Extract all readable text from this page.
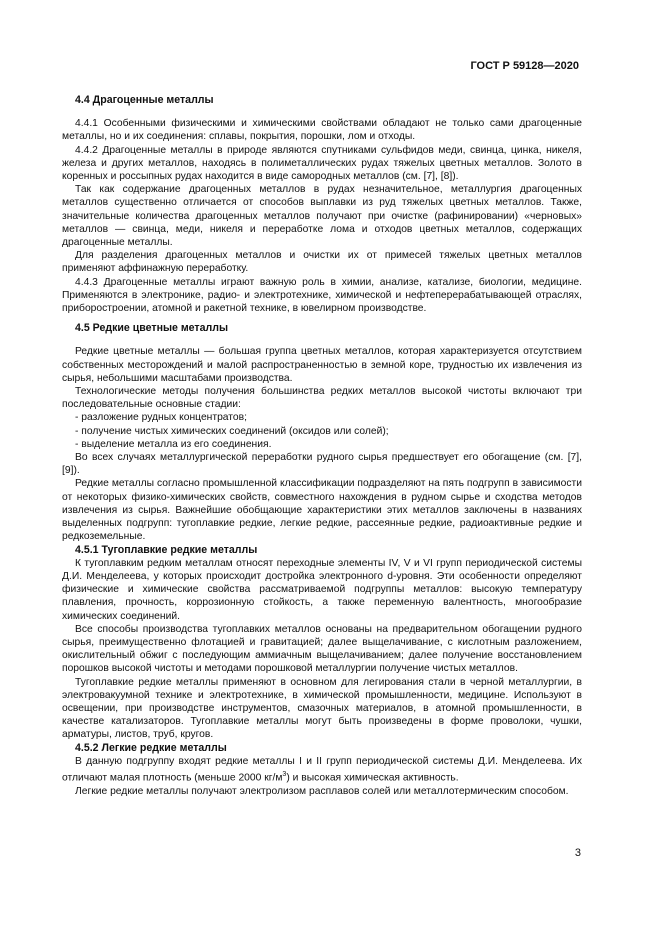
ГОСТ Р 59128—2020
4.4 Драгоценные металлы

4.4.1 Особенными физическими и химическими свойствами обладают не только сами драгоценные металлы, но и их соединения: сплавы, покрытия, порошки, лом и отходы.

4.4.2 Драгоценные металлы в природе являются спутниками сульфидов меди, свинца, цинка, никеля, железа и других металлов, находясь в полиметаллических рудах тяжелых цветных металлов. Золото в коренных и россыпных рудах находится в виде самородных металлов (см. [7], [8]).

Так как содержание драгоценных металлов в рудах незначительное, металлургия драгоценных металлов существенно отличается от способов выплавки из руд тяжелых цветных металлов. Также, значительные количества драгоценных металлов получают при очистке (рафинировании) «черновых» металлов — свинца, меди, никеля и переработке лома и отходов цветных металлов, содержащих драгоценные металлы.

Для разделения драгоценных металлов и очистки их от примесей тяжелых цветных металлов применяют аффинажную переработку.

4.4.3 Драгоценные металлы играют важную роль в химии, анализе, катализе, биологии, медицине. Применяются в электронике, радио- и электротехнике, химической и нефтеперерабатывающей отраслях, приборостроении, атомной и ракетной технике, в ювелирном производстве.

4.5 Редкие цветные металлы

Редкие цветные металлы — большая группа цветных металлов, которая характеризуется отсутствием собственных месторождений и малой распространенностью в земной коре, трудностью их извлечения из сырья, небольшими масштабами производства.

Технологические методы получения большинства редких металлов высокой чистоты включают три последовательные основные стадии:

- разложение рудных концентратов;

- получение чистых химических соединений (оксидов или солей);

- выделение металла из его соединения.

Во всех случаях металлургической переработки рудного сырья предшествует его обогащение (см. [7], [9]).

Редкие металлы согласно промышленной классификации подразделяют на пять подгрупп в зависимости от некоторых физико-химических свойств, совместного нахождения в рудном сырье и сходства методов извлечения из сырья. Важнейшие обобщающие характеристики этих металлов заключены в названиях выделенных подгрупп: тугоплавкие редкие, легкие редкие, рассеянные редкие, радиоактивные редкие и редкоземельные.

4.5.1 Тугоплавкие редкие металлы

К тугоплавким редким металлам относят переходные элементы IV, V и VI групп периодической системы Д.И. Менделеева, у которых происходит достройка электронного d-уровня. Эти особенности определяют физические и химические свойства рассматриваемой подгруппы металлов: высокую температуру плавления, прочность, коррозионную стойкость, а также переменную валентность, многообразие химических соединений.

Все способы производства тугоплавких металлов основаны на предварительном обогащении рудного сырья, преимущественно флотацией и гравитацией; далее выщелачивание, с кислотным разложением, окислительный обжиг с последующим аммиачным выщелачиванием; далее получение восстановлением порошков высокой чистоты и методами порошковой металлургии получение чистых металлов.

Тугоплавкие редкие металлы применяют в основном для легирования стали в черной металлургии, в электровакуумной технике и электротехнике, в химической промышленности, медицине. Используют в освещении, при производстве инструментов, смазочных материалов, в атомной промышленности, в качестве катализаторов. Тугоплавкие металлы могут быть произведены в форме проволоки, чушки, арматуры, листов, труб, кругов.

4.5.2 Легкие редкие металлы

В данную подгруппу входят редкие металлы I и II групп периодической системы Д.И. Менделеева. Их отличают малая плотность (меньше 2000 $кг/м^3$) и высокая химическая активность.

Легкие редкие металлы получают электролизом расплавов солей или металлотермическим способом.

3
